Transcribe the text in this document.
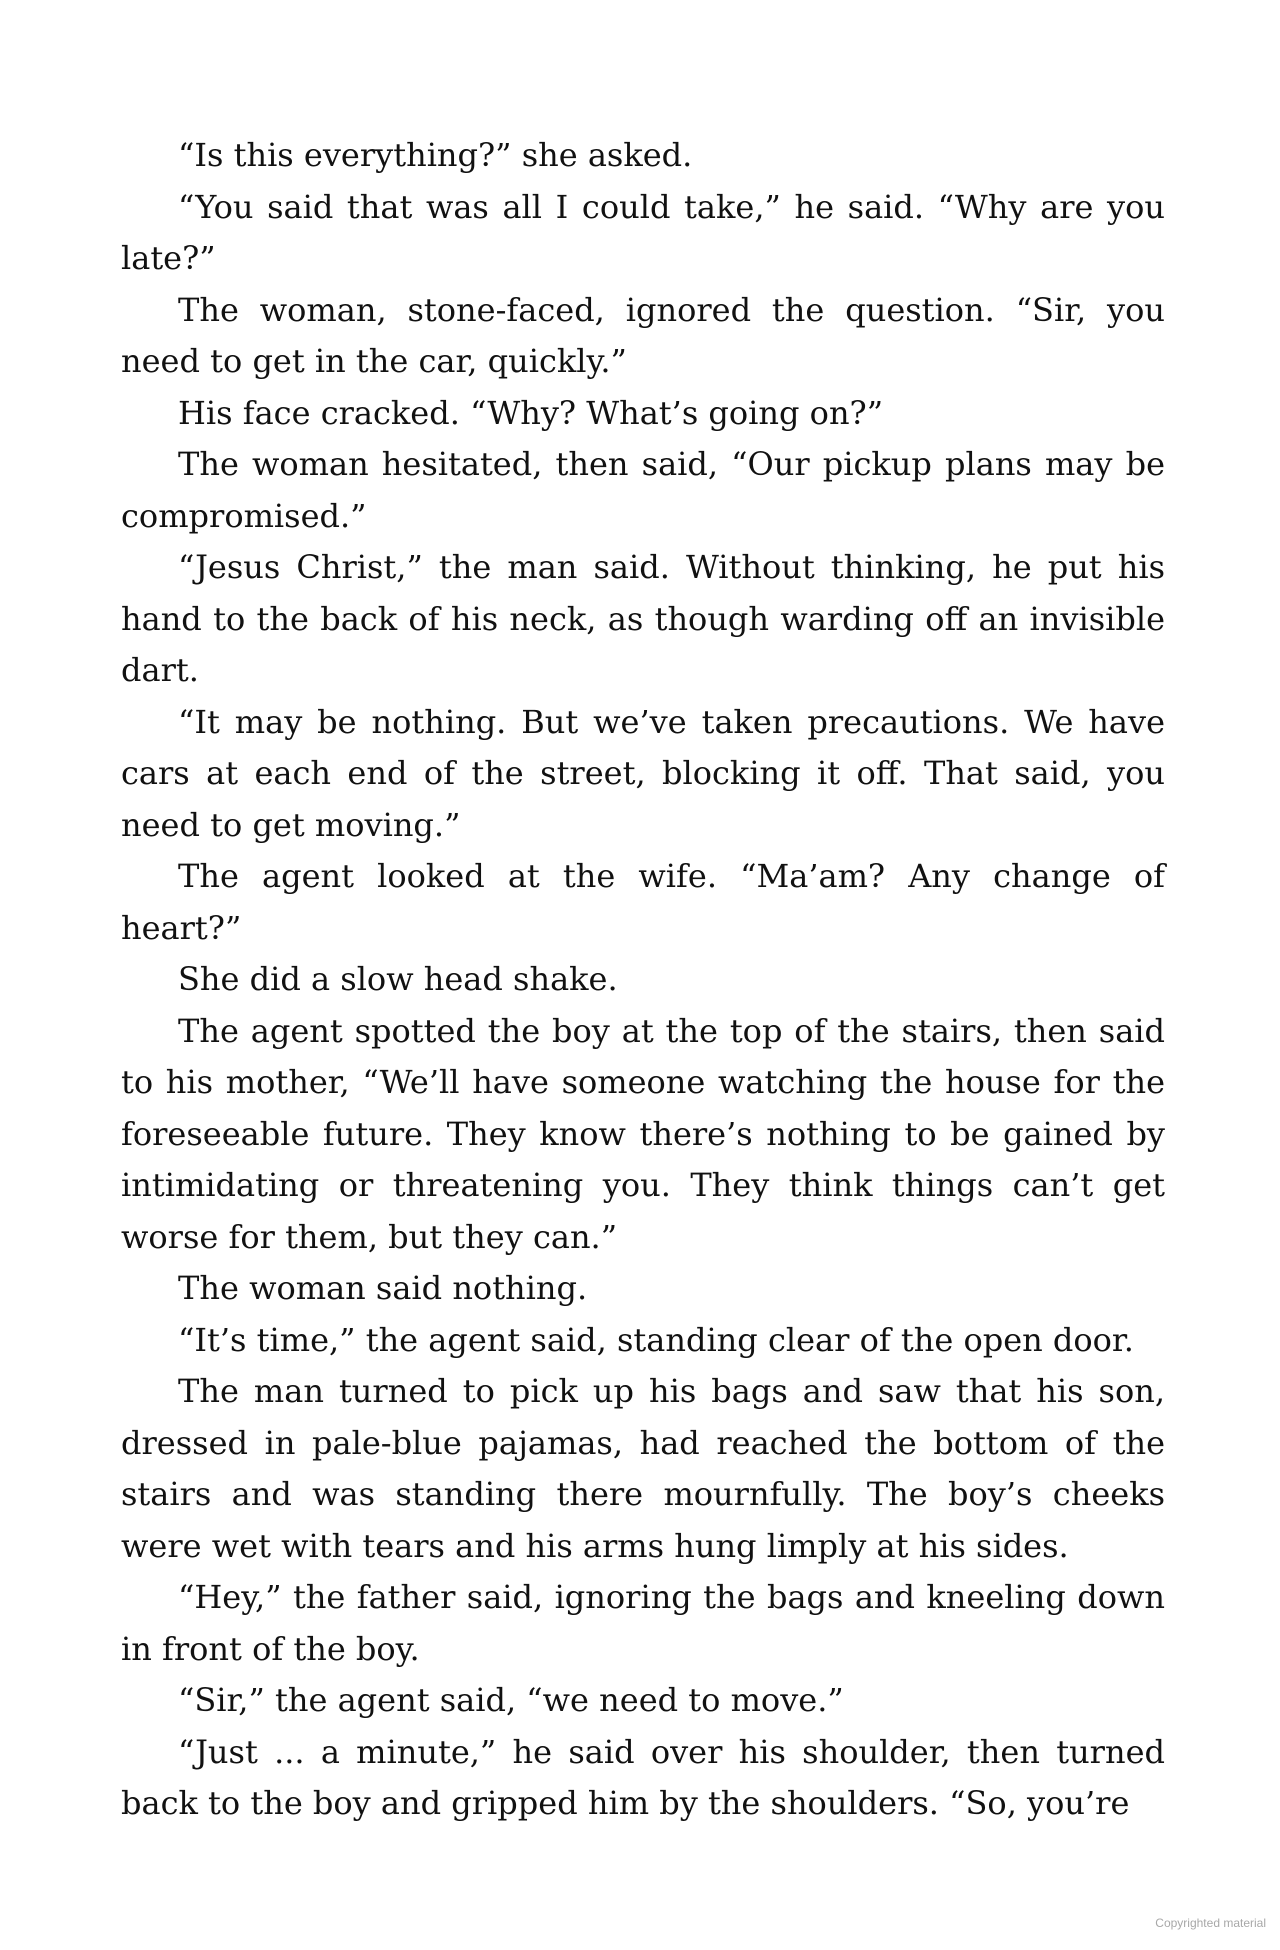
“Is this everything?” she asked.

“You said that was all I could take,” he said. “Why are you late?”

The woman, stone-faced, ignored the question. “Sir, you need to get in the car, quickly.”

His face cracked. “Why? What’s going on?”

The woman hesitated, then said, “Our pickup plans may be compromised.”

“Jesus Christ,” the man said. Without thinking, he put his hand to the back of his neck, as though warding off an invisible dart.

“It may be nothing. But we’ve taken precautions. We have cars at each end of the street, blocking it off. That said, you need to get moving.”

The agent looked at the wife. “Ma’am? Any change of heart?”

She did a slow head shake.

The agent spotted the boy at the top of the stairs, then said to his mother, “We’ll have someone watching the house for the foreseeable future. They know there’s nothing to be gained by intimidating or threatening you. They think things can’t get worse for them, but they can.”

The woman said nothing.

“It’s time,” the agent said, standing clear of the open door.

The man turned to pick up his bags and saw that his son, dressed in pale-blue pajamas, had reached the bottom of the stairs and was standing there mournfully. The boy’s cheeks were wet with tears and his arms hung limply at his sides.

“Hey,” the father said, ignoring the bags and kneeling down in front of the boy.

“Sir,” the agent said, “we need to move.”

“Just ... a minute,” he said over his shoulder, then turned back to the boy and gripped him by the shoulders. “So, you’re

Copyrighted material
